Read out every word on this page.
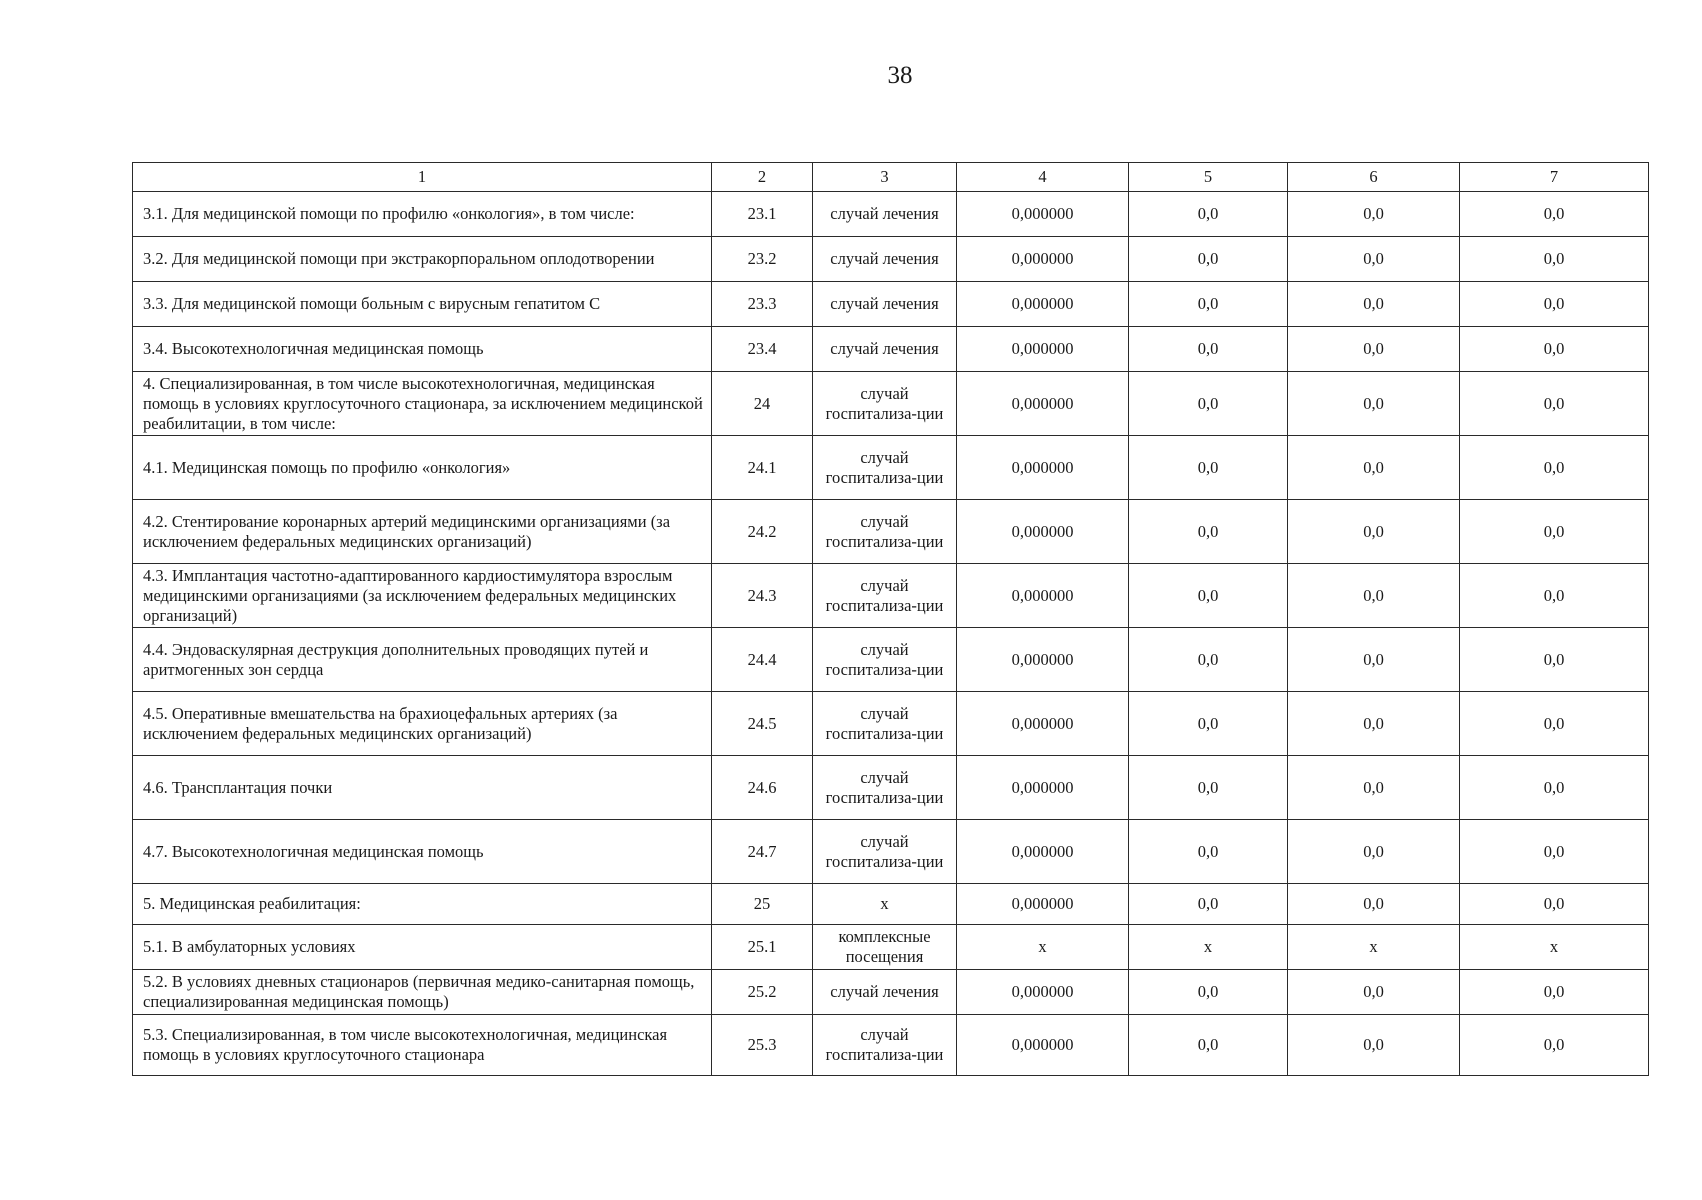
38
1	2	3	4	5	6	7
3.1. Для медицинской помощи по профилю «онкология», в том числе:	23.1	случай лечения	0,000000	0,0	0,0	0,0
3.2. Для медицинской помощи при экстракорпоральном оплодотворении	23.2	случай лечения	0,000000	0,0	0,0	0,0
3.3. Для медицинской помощи больным с вирусным гепатитом С	23.3	случай лечения	0,000000	0,0	0,0	0,0
3.4. Высокотехнологичная медицинская помощь	23.4	случай лечения	0,000000	0,0	0,0	0,0
4. Специализированная, в том числе высокотехнологичная, медицинская помощь в условиях круглосуточного стационара, за исключением медицинской реабилитации, в том числе:	24	случай госпитализа-ции	0,000000	0,0	0,0	0,0
4.1. Медицинская помощь по профилю «онкология»	24.1	случай госпитализа-ции	0,000000	0,0	0,0	0,0
4.2. Стентирование коронарных артерий медицинскими организациями (за исключением федеральных медицинских организаций)	24.2	случай госпитализа-ции	0,000000	0,0	0,0	0,0
4.3. Имплантация частотно-адаптированного кардиостимулятора взрослым медицинскими организациями (за исключением федеральных медицинских организаций)	24.3	случай госпитализа-ции	0,000000	0,0	0,0	0,0
4.4. Эндоваскулярная деструкция дополнительных проводящих путей и аритмогенных зон сердца	24.4	случай госпитализа-ции	0,000000	0,0	0,0	0,0
4.5. Оперативные вмешательства на брахиоцефальных артериях (за исключением федеральных медицинских организаций)	24.5	случай госпитализа-ции	0,000000	0,0	0,0	0,0
4.6. Трансплантация почки	24.6	случай госпитализа-ции	0,000000	0,0	0,0	0,0
4.7. Высокотехнологичная медицинская помощь	24.7	случай госпитализа-ции	0,000000	0,0	0,0	0,0
5. Медицинская реабилитация:	25	x	0,000000	0,0	0,0	0,0
5.1. В амбулаторных условиях	25.1	комплексные посещения	x	x	x	x
5.2. В условиях дневных стационаров (первичная медико-санитарная помощь, специализированная медицинская помощь)	25.2	случай лечения	0,000000	0,0	0,0	0,0
5.3. Специализированная, в том числе высокотехнологичная, медицинская помощь в условиях круглосуточного стационара	25.3	случай госпитализа-ции	0,000000	0,0	0,0	0,0
